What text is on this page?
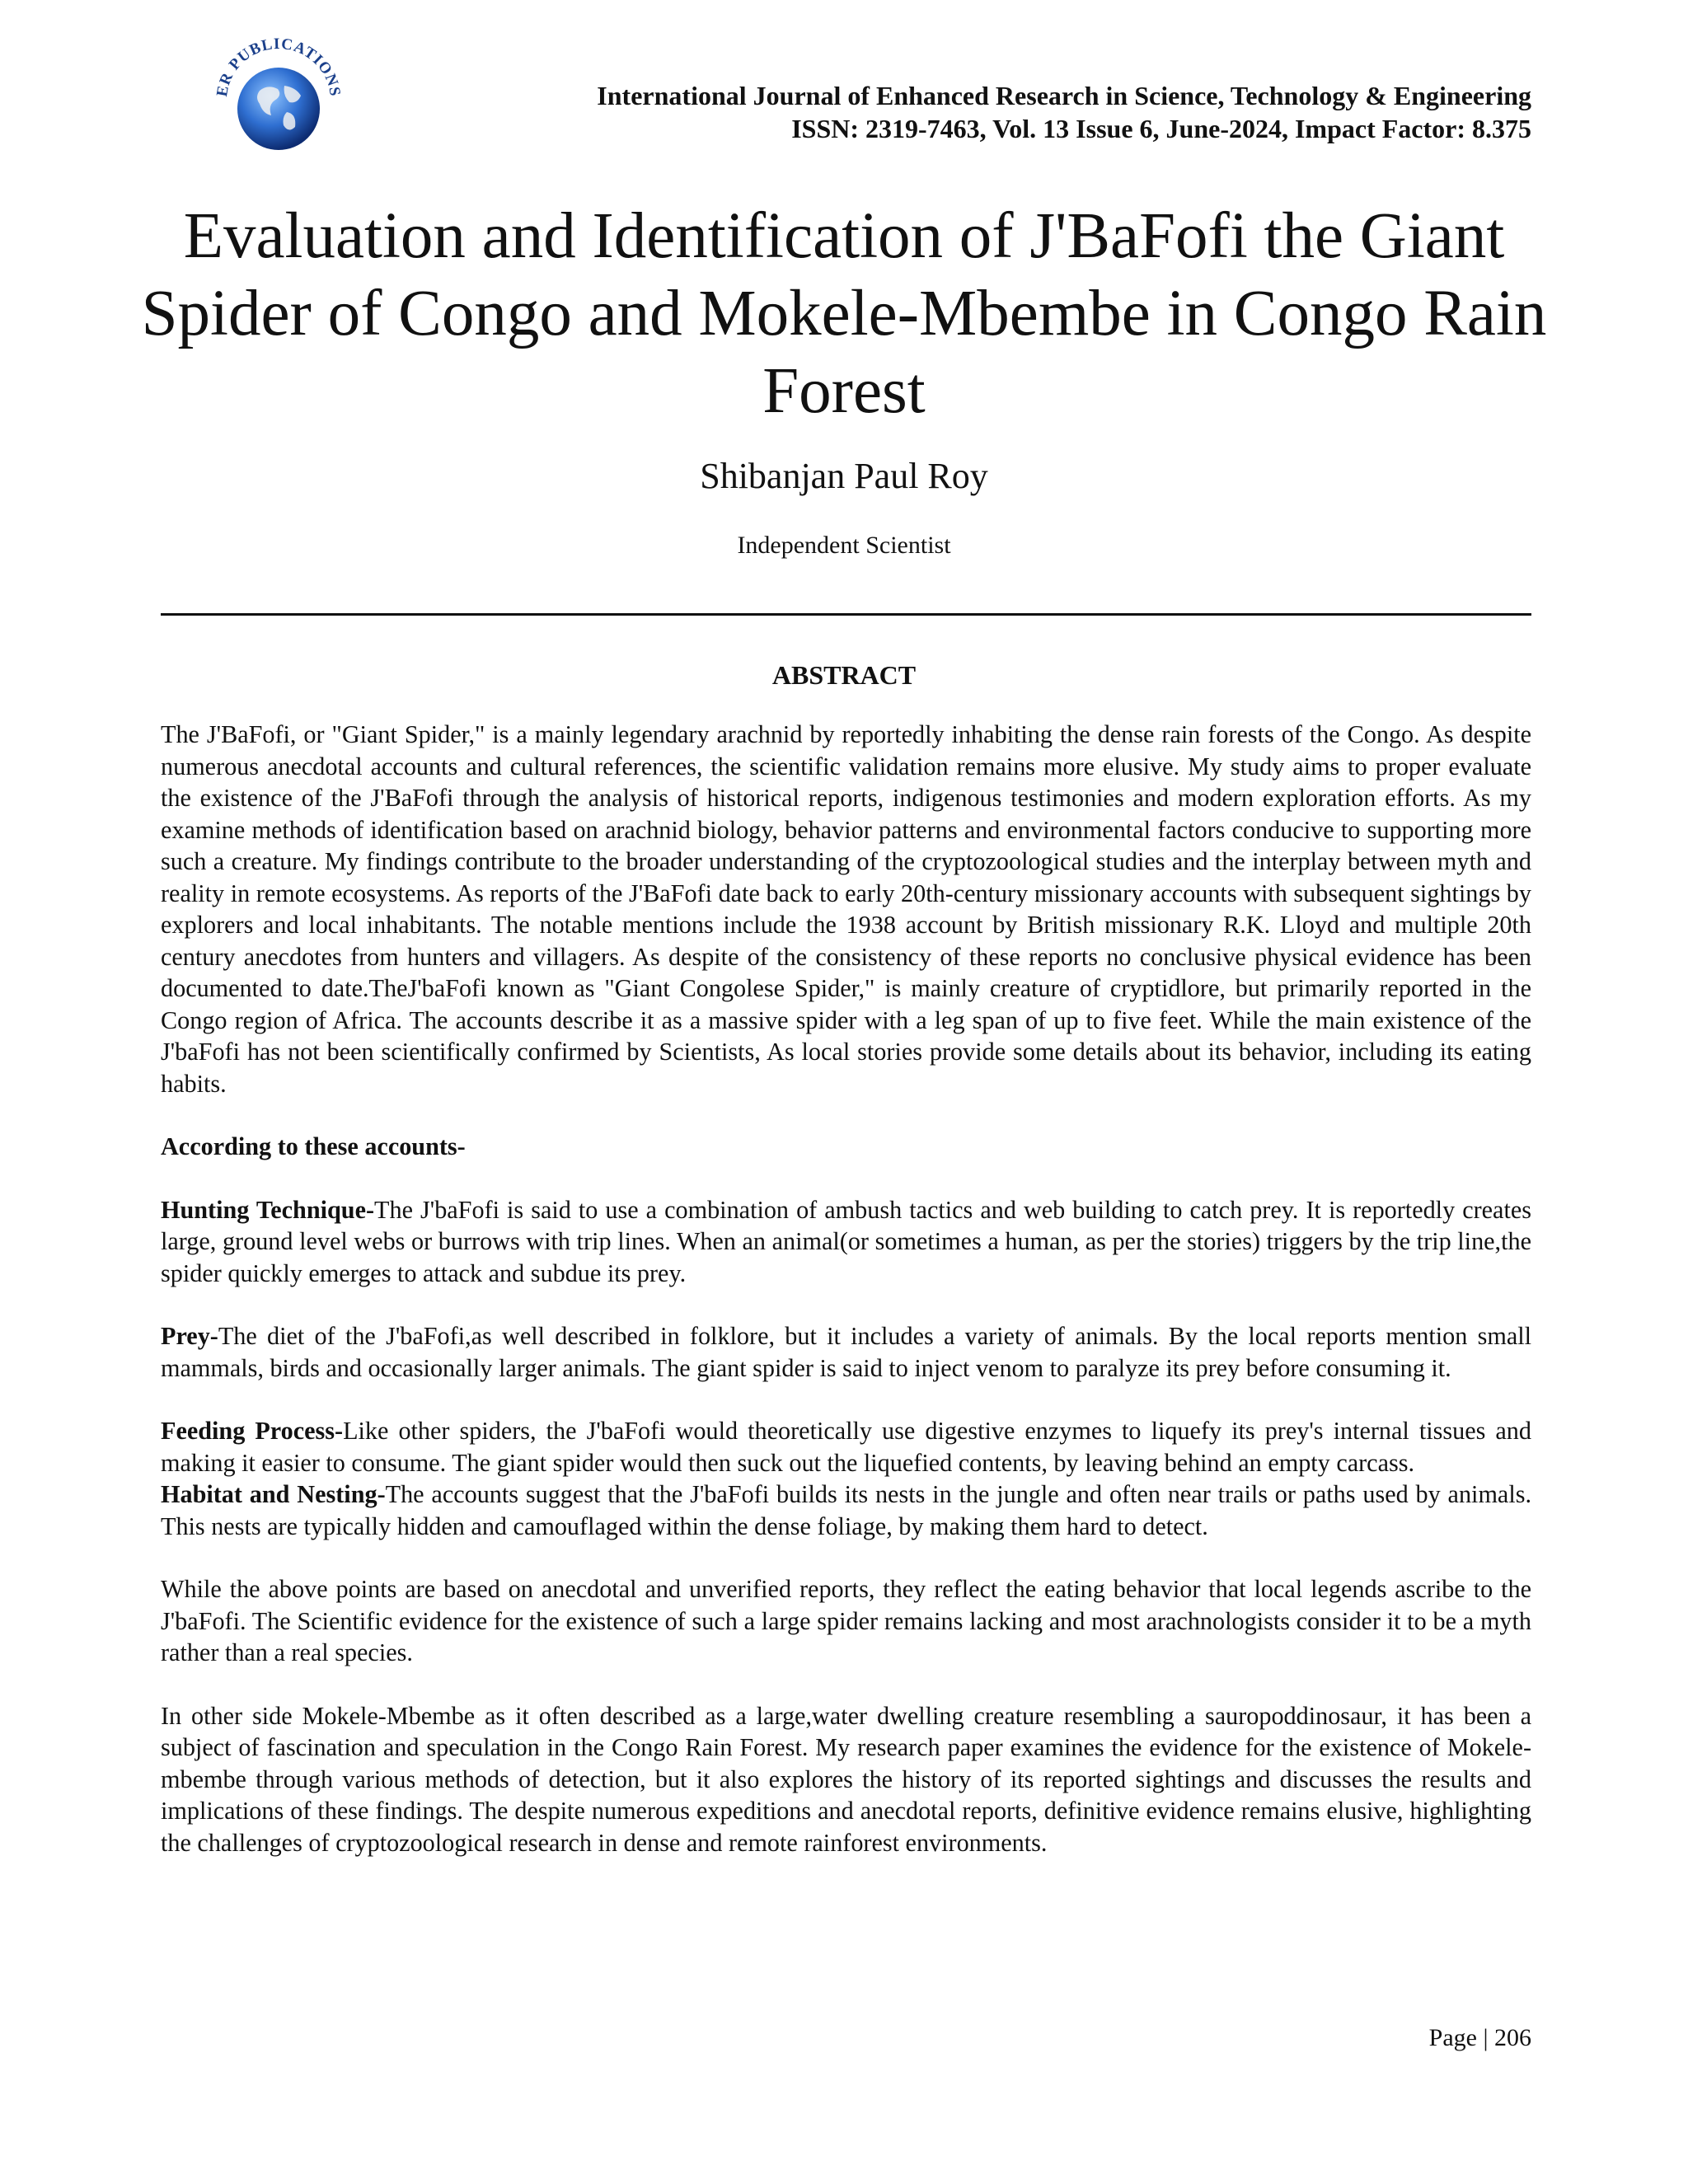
ER PUBLICATIONS	International Journal of Enhanced Research in Science, Technology & Engineering
ISSN: 2319-7463, Vol. 13 Issue 6, June-2024, Impact Factor: 8.375
Evaluation and Identification of J'BaFofi the Giant Spider of Congo and Mokele-Mbembe in Congo Rain Forest
Shibanjan Paul Roy
Independent Scientist
ABSTRACT

The J'BaFofi, or "Giant Spider," is a mainly legendary arachnid by reportedly inhabiting the dense rain forests of the Congo. As despite numerous anecdotal accounts and cultural references, the scientific validation remains more elusive. My study aims to proper evaluate the existence of the J'BaFofi through the analysis of historical reports, indigenous testimonies and modern exploration efforts. As my examine methods of identification based on arachnid biology, behavior patterns and environmental factors conducive to supporting more such a creature. My findings contribute to the broader understanding of the cryptozoological studies and the interplay between myth and reality in remote ecosystems. As reports of the J'BaFofi date back to early 20th-century missionary accounts with subsequent sightings by explorers and local inhabitants. The notable mentions include the 1938 account by British missionary R.K. Lloyd and multiple 20th century anecdotes from hunters and villagers. As despite of the consistency of these reports no conclusive physical evidence has been documented to date.TheJ'baFofi known as "Giant Congolese Spider," is mainly creature of cryptidlore, but primarily reported in the Congo region of Africa. The accounts describe it as a massive spider with a leg span of up to five feet. While the main existence of the J'baFofi has not been scientifically confirmed by Scientists, As local stories provide some details about its behavior, including its eating habits.

According to these accounts-

Hunting Technique-The J'baFofi is said to use a combination of ambush tactics and web building to catch prey. It is reportedly creates large, ground level webs or burrows with trip lines. When an animal(or sometimes a human, as per the stories) triggers by the trip line,the spider quickly emerges to attack and subdue its prey.

Prey-The diet of the J'baFofi,as well described in folklore, but it includes a variety of animals. By the local reports mention small mammals, birds and occasionally larger animals. The giant spider is said to inject venom to paralyze its prey before consuming it.

Feeding Process-Like other spiders, the J'baFofi would theoretically use digestive enzymes to liquefy its prey's internal tissues and making it easier to consume. The giant spider would then suck out the liquefied contents, by leaving behind an empty carcass.

Habitat and Nesting-The accounts suggest that the J'baFofi builds its nests in the jungle and often near trails or paths used by animals. This nests are typically hidden and camouflaged within the dense foliage, by making them hard to detect.

While the above points are based on anecdotal and unverified reports, they reflect the eating behavior that local legends ascribe to the J'baFofi. The Scientific evidence for the existence of such a large spider remains lacking and most arachnologists consider it to be a myth rather than a real species.

In other side Mokele-Mbembe as it often described as a large,water dwelling creature resembling a sauropoddinosaur, it has been a subject of fascination and speculation in the Congo Rain Forest. My research paper examines the evidence for the existence of Mokele-mbembe through various methods of detection, but it also explores the history of its reported sightings and discusses the results and implications of these findings. The despite numerous expeditions and anecdotal reports, definitive evidence remains elusive, highlighting the challenges of cryptozoological research in dense and remote rainforest environments.

Page | 206
